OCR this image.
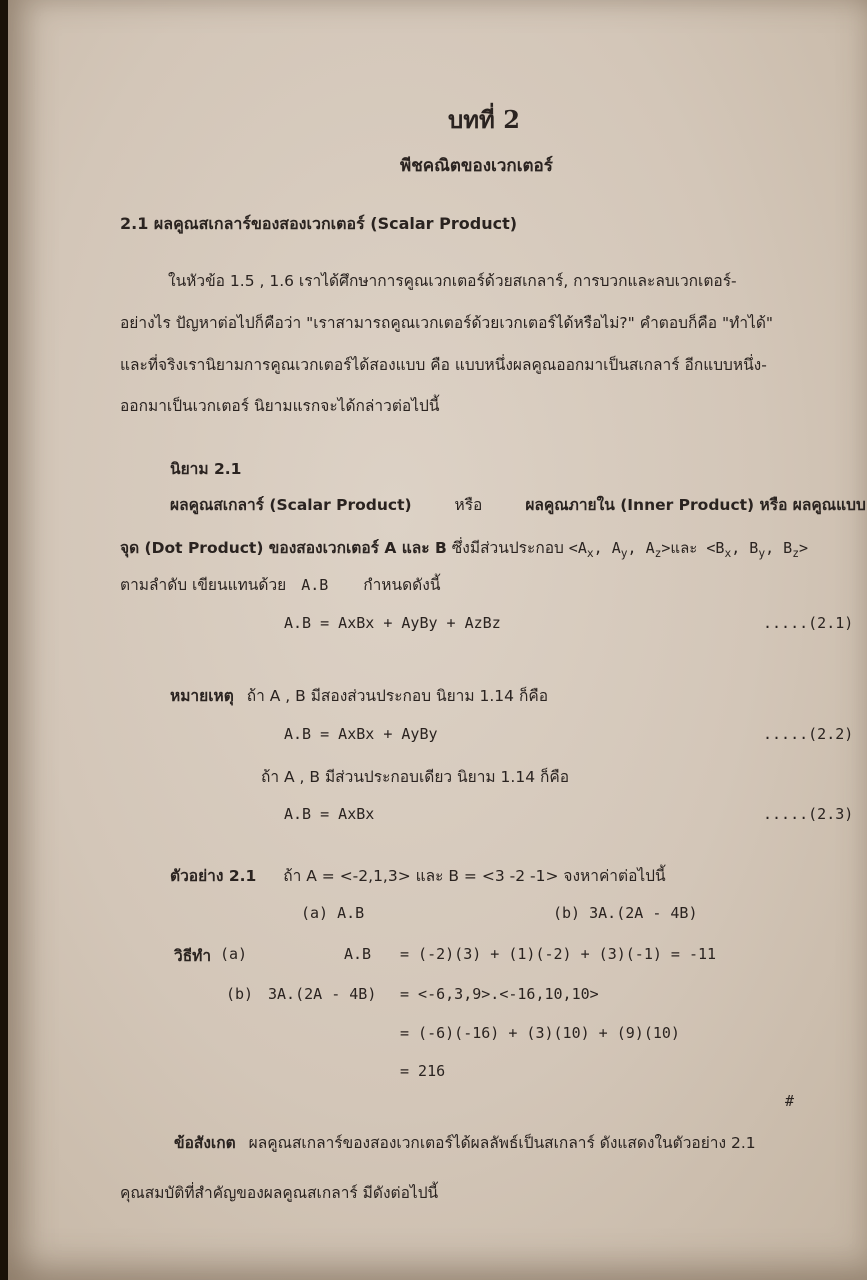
บทที่ 2
พีชคณิตของเวกเตอร์
2.1 ผลคูณสเกลาร์ของสองเวกเตอร์ (Scalar Product)
ในหัวข้อ 1.5 , 1.6 เราได้ศึกษาการคูณเวกเตอร์ด้วยสเกลาร์, การบวกและลบเวกเตอร์-
อย่างไร ปัญหาต่อไปก็คือว่า "เราสามารถคูณเวกเตอร์ด้วยเวกเตอร์ได้หรือไม่?" คำตอบก็คือ "ทำได้"
และที่จริงเรานิยามการคูณเวกเตอร์ได้สองแบบ คือ แบบหนึ่งผลคูณออกมาเป็นสเกลาร์ อีกแบบหนึ่ง-
ออกมาเป็นเวกเตอร์ นิยามแรกจะได้กล่าวต่อไปนี้
นิยาม 2.1
ผลคูณสเกลาร์ (Scalar Product)	หรือ	ผลคูณภายใน (Inner Product) หรือ ผลคูณแบบ
จุด (Dot Product) ของสองเวกเตอร์ A และ B ซึ่งมีส่วนประกอบ $<A_x$, $A_y$, $A_z>$และ $<B_x$, $B_y$, $B_z>$
ตามลำดับ เขียนแทนด้วย A.B กำหนดดังนี้
A.B = AxBx + AyBy + AzBz	.....(2.1)
หมายเหตุ ถ้า A , B มีสองส่วนประกอบ นิยาม 1.14 ก็คือ
A.B = AxBx + AyBy	.....(2.2)
ถ้า A , B มีส่วนประกอบเดียว นิยาม 1.14 ก็คือ
A.B = AxBx	.....(2.3)
ตัวอย่าง 2.1 ถ้า A = <-2,1,3> และ B = <3 -2 -1> จงหาค่าต่อไปนี้
(a) A.B	(b) 3A.(2A - 4B)
วิธีทำ (a)	A.B = (-2)(3) + (1)(-2) + (3)(-1) = -11
(b) 3A.(2A - 4B) = <-6,3,9>.<-16,10,10>
= (-6)(-16) + (3)(10) + (9)(10)
= 216
#
ข้อสังเกต ผลคูณสเกลาร์ของสองเวกเตอร์ได้ผลลัพธ์เป็นสเกลาร์ ดังแสดงในตัวอย่าง 2.1
คุณสมบัติที่สำคัญของผลคูณสเกลาร์ มีดังต่อไปนี้
